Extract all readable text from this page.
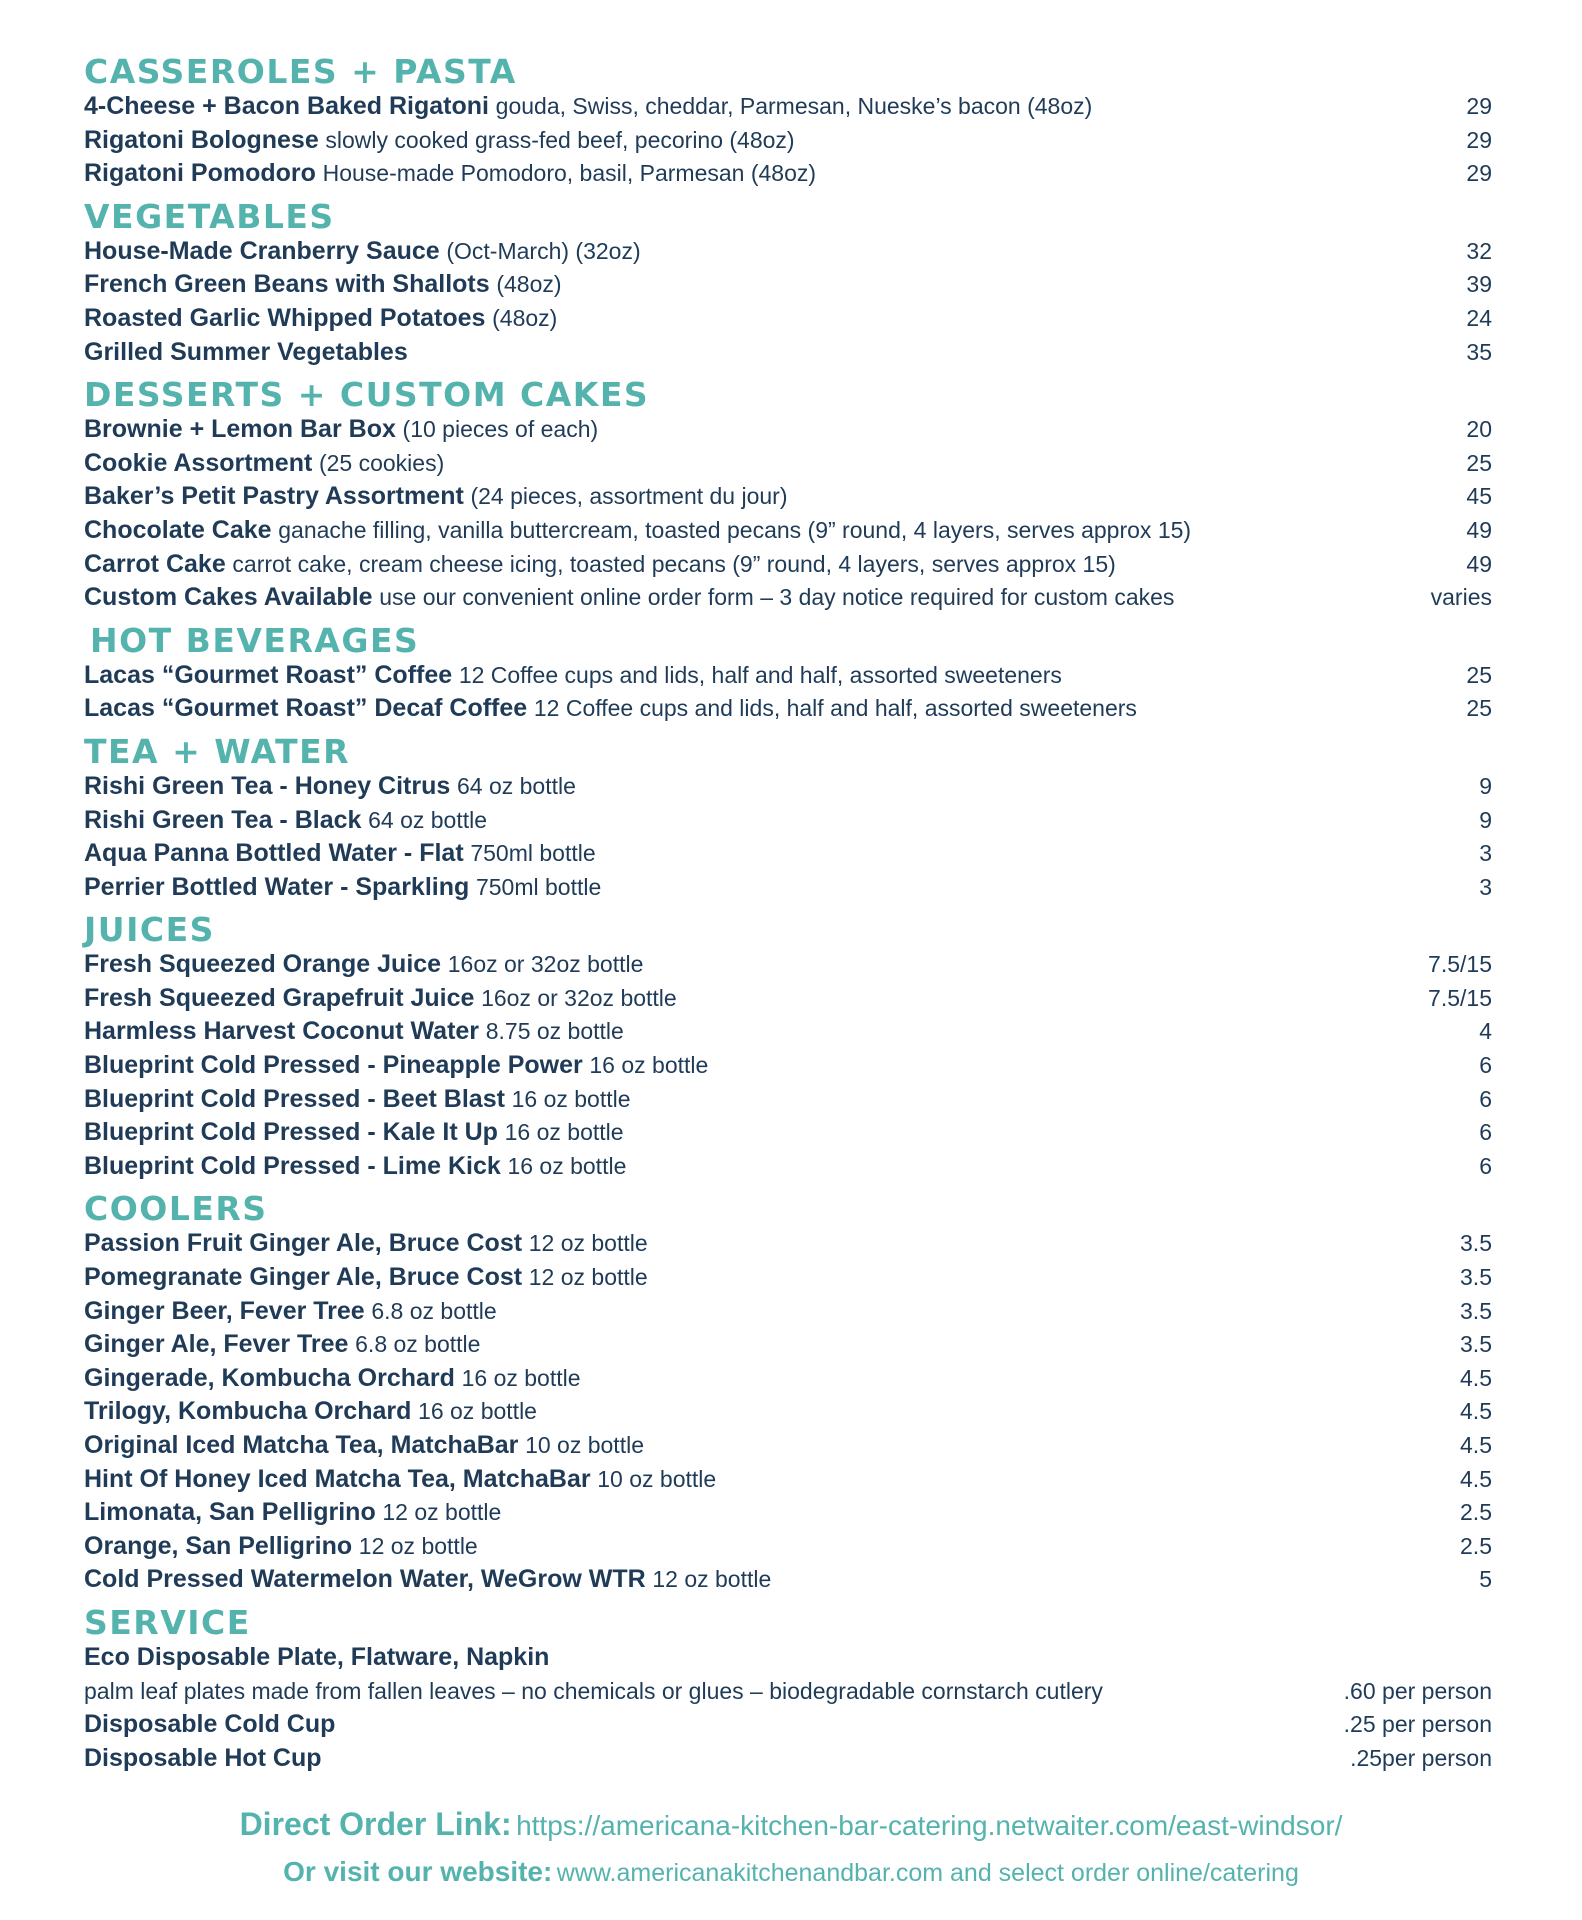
CASSEROLES + PASTA
4-Cheese + Bacon Baked Rigatoni gouda, Swiss, cheddar, Parmesan, Nueske’s bacon (48oz)	29
Rigatoni Bolognese slowly cooked grass-fed beef, pecorino (48oz)	29
Rigatoni Pomodoro House-made Pomodoro, basil, Parmesan (48oz)	29
VEGETABLES
House-Made Cranberry Sauce (Oct-March) (32oz)	32
French Green Beans with Shallots (48oz)	39
Roasted Garlic Whipped Potatoes (48oz)	24
Grilled Summer Vegetables	35
DESSERTS + CUSTOM CAKES
Brownie + Lemon Bar Box (10 pieces of each)	20
Cookie Assortment (25 cookies)	25
Baker’s Petit Pastry Assortment (24 pieces, assortment du jour)	45
Chocolate Cake ganache filling, vanilla buttercream, toasted pecans (9” round, 4 layers, serves approx 15)	49
Carrot Cake carrot cake, cream cheese icing, toasted pecans (9” round, 4 layers, serves approx 15)	49
Custom Cakes Available use our convenient online order form – 3 day notice required for custom cakes	varies
HOT BEVERAGES
Lacas “Gourmet Roast” Coffee 12 Coffee cups and lids, half and half, assorted sweeteners	25
Lacas “Gourmet Roast” Decaf Coffee 12 Coffee cups and lids, half and half, assorted sweeteners	25
TEA + WATER
Rishi Green Tea - Honey Citrus 64 oz bottle	9
Rishi Green Tea - Black 64 oz bottle	9
Aqua Panna Bottled Water - Flat 750ml bottle	3
Perrier Bottled Water - Sparkling 750ml bottle	3
JUICES
Fresh Squeezed Orange Juice 16oz or 32oz bottle	7.5/15
Fresh Squeezed Grapefruit Juice 16oz or 32oz bottle	7.5/15
Harmless Harvest Coconut Water 8.75 oz bottle	4
Blueprint Cold Pressed - Pineapple Power 16 oz bottle	6
Blueprint Cold Pressed - Beet Blast 16 oz bottle	6
Blueprint Cold Pressed - Kale It Up 16 oz bottle	6
Blueprint Cold Pressed - Lime Kick 16 oz bottle	6
COOLERS
Passion Fruit Ginger Ale, Bruce Cost 12 oz bottle	3.5
Pomegranate Ginger Ale, Bruce Cost 12 oz bottle	3.5
Ginger Beer, Fever Tree 6.8 oz bottle	3.5
Ginger Ale, Fever Tree 6.8 oz bottle	3.5
Gingerade, Kombucha Orchard 16 oz bottle	4.5
Trilogy, Kombucha Orchard 16 oz bottle	4.5
Original Iced Matcha Tea, MatchaBar 10 oz bottle	4.5
Hint Of Honey Iced Matcha Tea, MatchaBar 10 oz bottle	4.5
Limonata, San Pelligrino 12 oz bottle	2.5
Orange, San Pelligrino 12 oz bottle	2.5
Cold Pressed Watermelon Water, WeGrow WTR 12 oz bottle	5
SERVICE
Eco Disposable Plate, Flatware, Napkin
palm leaf plates made from fallen leaves – no chemicals or glues – biodegradable cornstarch cutlery	.60 per person
Disposable Cold Cup	.25 per person
Disposable Hot Cup	.25per person
Direct Order Link: https://americana-kitchen-bar-catering.netwaiter.com/east-windsor/
Or visit our website: www.americanakitchenandbar.com and select order online/catering
